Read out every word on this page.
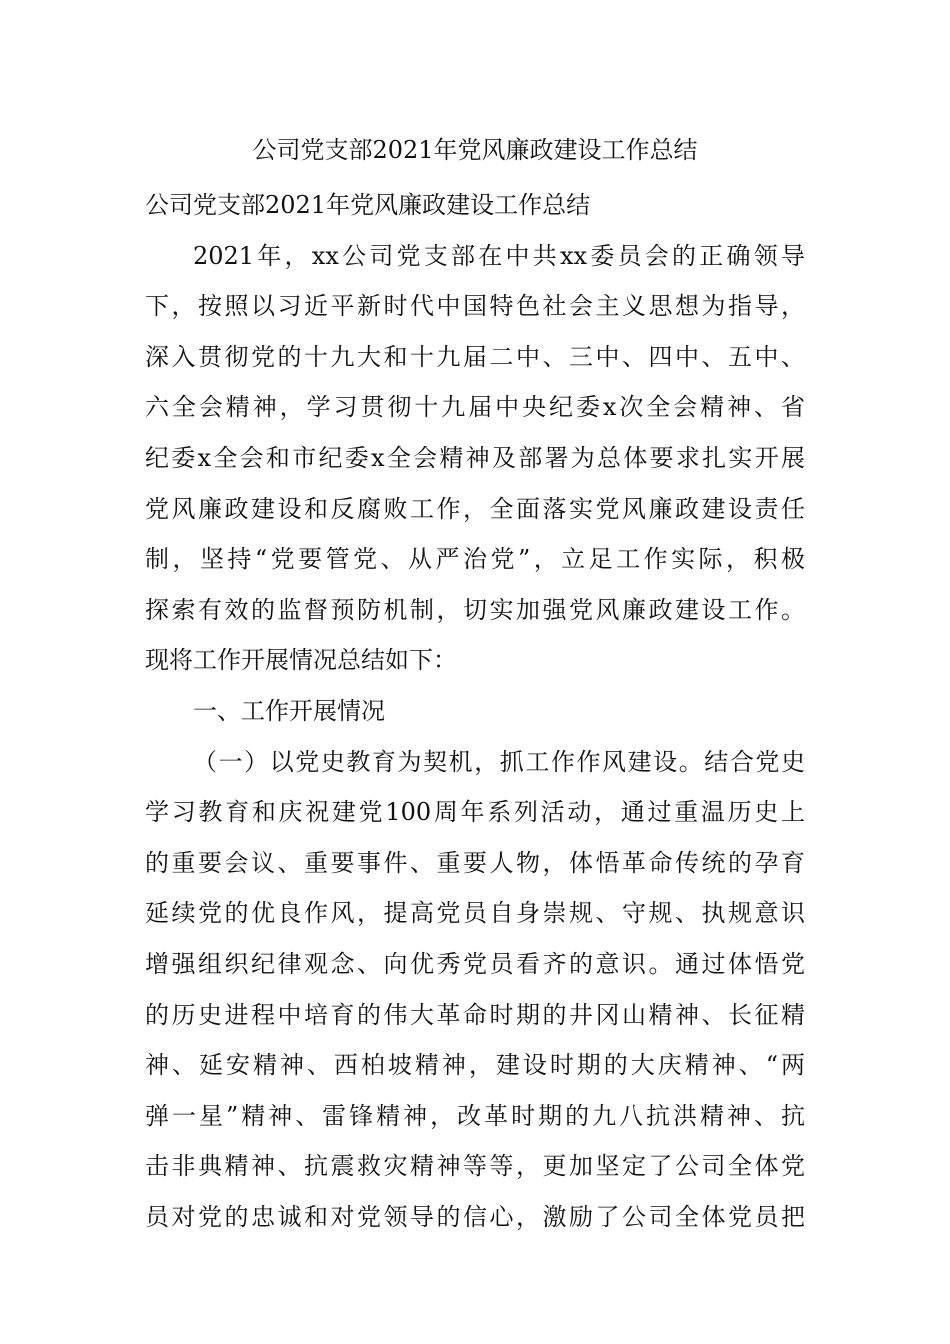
公司党支部2021年党风廉政建设工作总结
公司党支部2021年党风廉政建设工作总结
2021年，xx公司党支部在中共xx委员会的正确领导
下，按照以习近平新时代中国特色社会主义思想为指导，
深入贯彻党的十九大和十九届二中、三中、四中、五中、
六全会精神，学习贯彻十九届中央纪委x次全会精神、省
纪委x全会和市纪委x全会精神及部署为总体要求扎实开展
党风廉政建设和反腐败工作，全面落实党风廉政建设责任
制，坚持“党要管党、从严治党”，立足工作实际，积极
探索有效的监督预防机制，切实加强党风廉政建设工作。
现将工作开展情况总结如下：
一、工作开展情况
（一）以党史教育为契机，抓工作作风建设。结合党史
学习教育和庆祝建党100周年系列活动，通过重温历史上
的重要会议、重要事件、重要人物，体悟革命传统的孕育
延续党的优良作风，提高党员自身崇规、守规、执规意识
增强组织纪律观念、向优秀党员看齐的意识。通过体悟党
的历史进程中培育的伟大革命时期的井冈山精神、长征精
神、延安精神、西柏坡精神，建设时期的大庆精神、“两
弹一星”精神、雷锋精神，改革时期的九八抗洪精神、抗
击非典精神、抗震救灾精神等等，更加坚定了公司全体党
员对党的忠诚和对党领导的信心，激励了公司全体党员把
